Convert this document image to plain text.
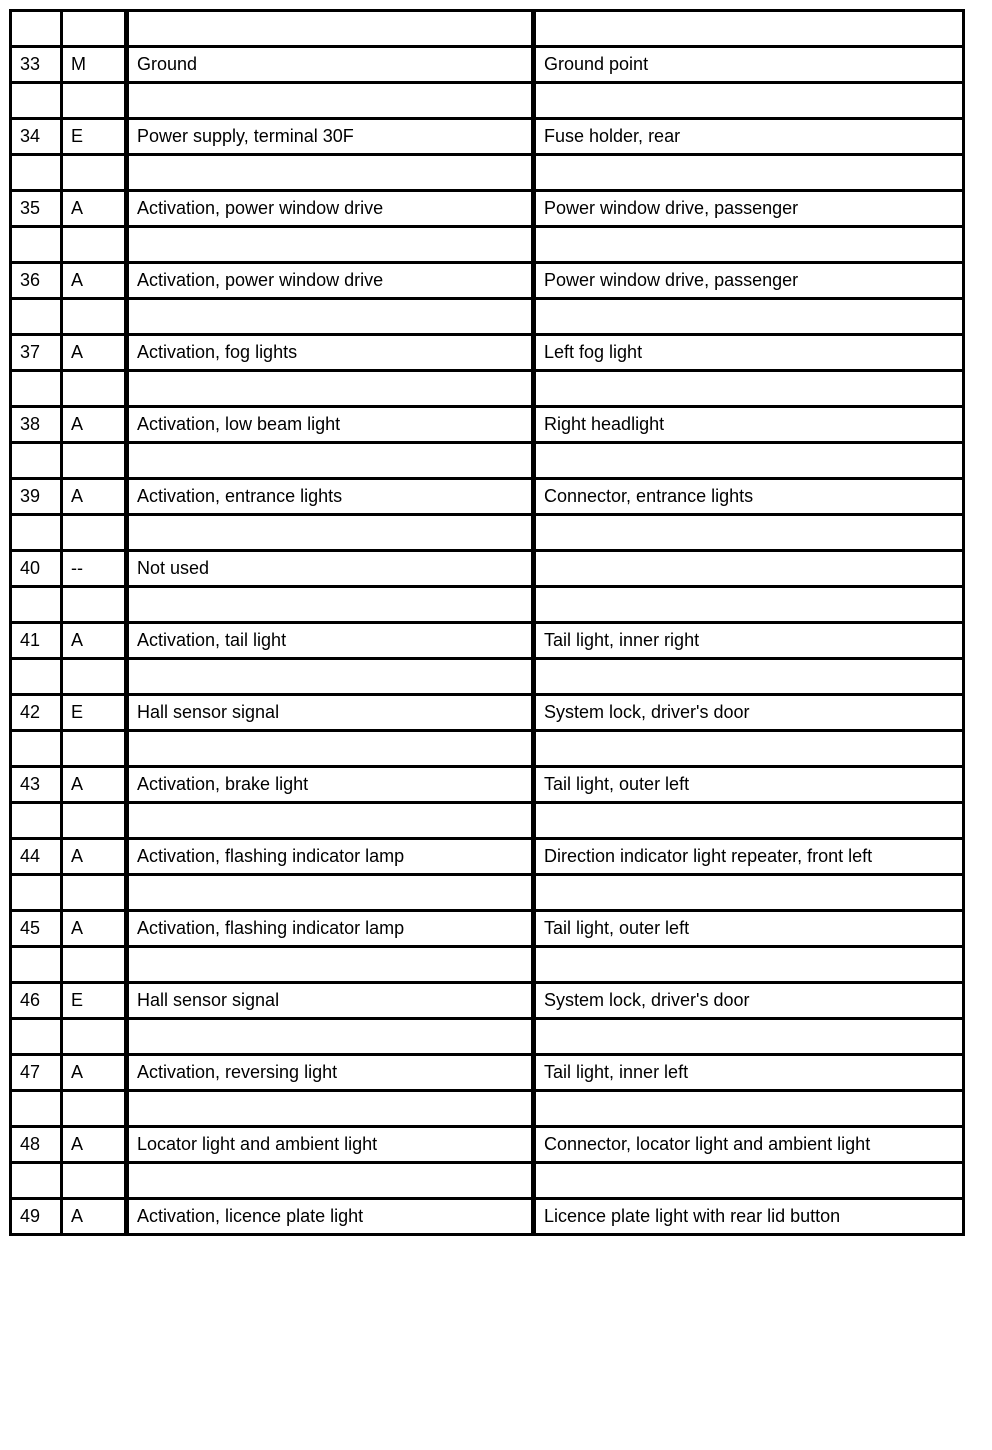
33	M	Ground	Ground point

34	E	Power supply, terminal 30F	Fuse holder, rear

35	A	Activation, power window drive	Power window drive, passenger

36	A	Activation, power window drive	Power window drive, passenger

37	A	Activation, fog lights	Left fog light

38	A	Activation, low beam light	Right headlight

39	A	Activation, entrance lights	Connector, entrance lights

40	--	Not used	

41	A	Activation, tail light	Tail light, inner right

42	E	Hall sensor signal	System lock, driver's door

43	A	Activation, brake light	Tail light, outer left

44	A	Activation, flashing indicator lamp	Direction indicator light repeater, front left

45	A	Activation, flashing indicator lamp	Tail light, outer left

46	E	Hall sensor signal	System lock, driver's door

47	A	Activation, reversing light	Tail light, inner left

48	A	Locator light and ambient light	Connector, locator light and ambient light

49	A	Activation, licence plate light	Licence plate light with rear lid button
